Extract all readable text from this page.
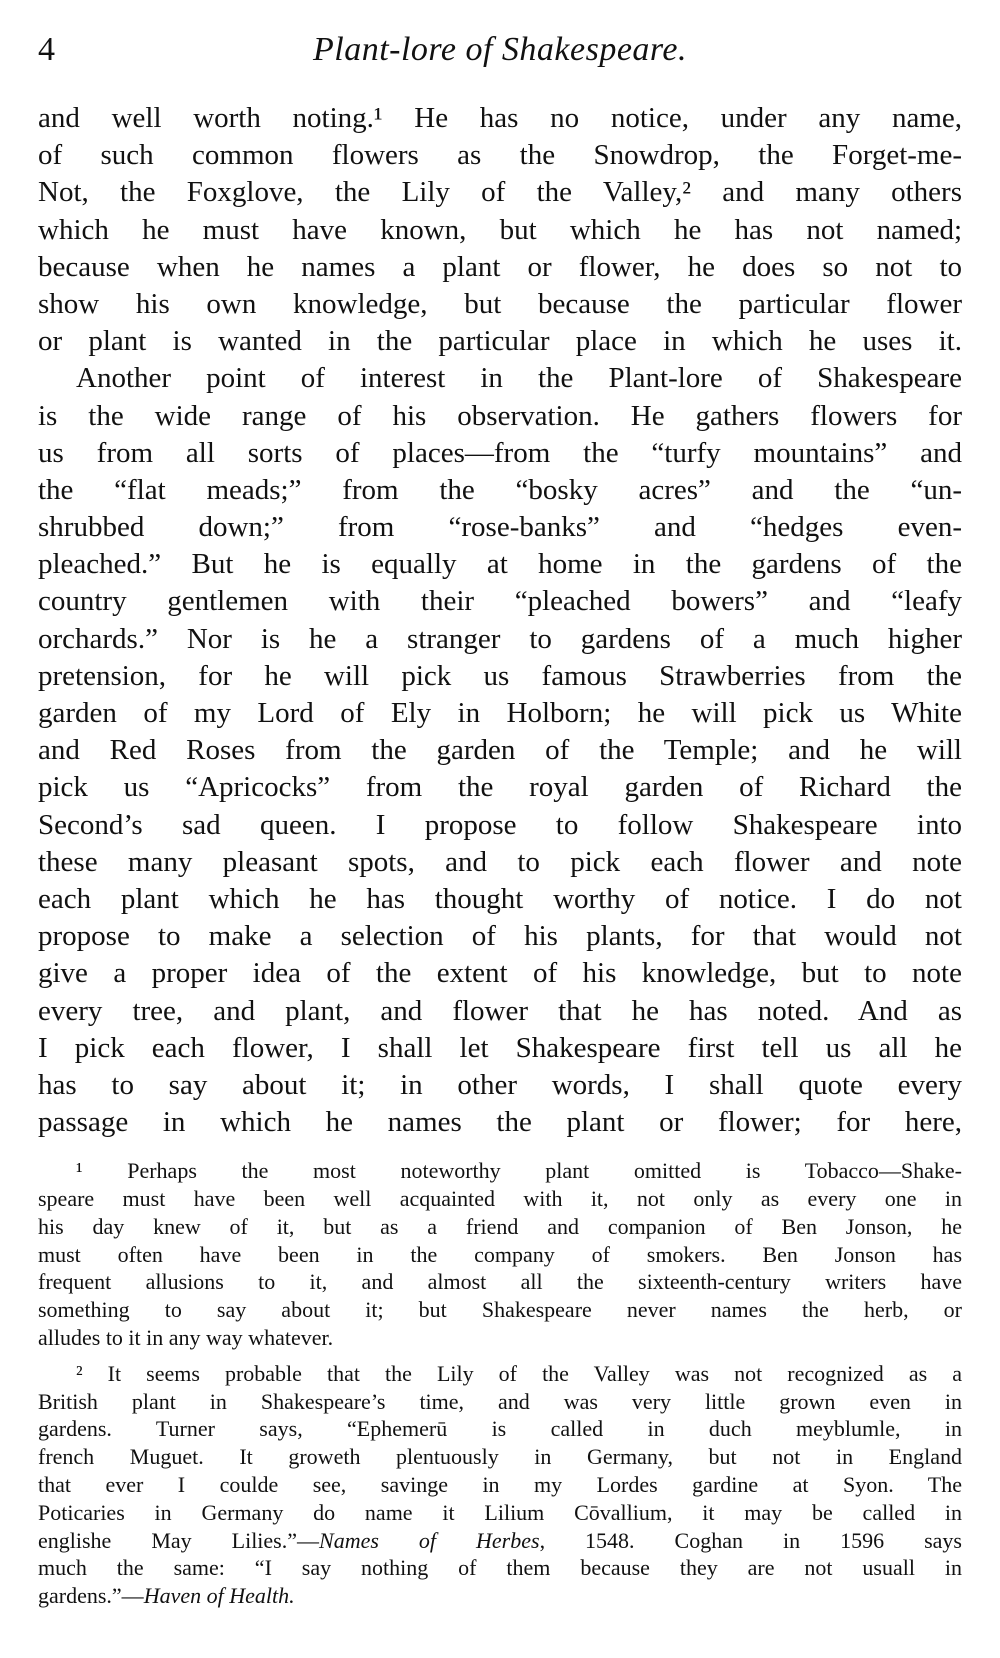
4	Plant-lore of Shakespeare.
and well worth noting.¹ He has no notice, under any name,
of such common flowers as the Snowdrop, the Forget-me-
Not, the Foxglove, the Lily of the Valley,² and many others
which he must have known, but which he has not named;
because when he names a plant or flower, he does so not to
show his own knowledge, but because the particular flower
or plant is wanted in the particular place in which he uses it.
Another point of interest in the Plant-lore of Shakespeare
is the wide range of his observation. He gathers flowers for
us from all sorts of places—from the “turfy mountains” and
the “flat meads;” from the “bosky acres” and the “un-
shrubbed down;” from “rose-banks” and “hedges even-
pleached.” But he is equally at home in the gardens of the
country gentlemen with their “pleached bowers” and “leafy
orchards.” Nor is he a stranger to gardens of a much higher
pretension, for he will pick us famous Strawberries from the
garden of my Lord of Ely in Holborn; he will pick us White
and Red Roses from the garden of the Temple; and he will
pick us “Apricocks” from the royal garden of Richard the
Second’s sad queen. I propose to follow Shakespeare into
these many pleasant spots, and to pick each flower and note
each plant which he has thought worthy of notice. I do not
propose to make a selection of his plants, for that would not
give a proper idea of the extent of his knowledge, but to note
every tree, and plant, and flower that he has noted. And as
I pick each flower, I shall let Shakespeare first tell us all he
has to say about it; in other words, I shall quote every
passage in which he names the plant or flower; for here,
¹ Perhaps the most noteworthy plant omitted is Tobacco—Shake-
speare must have been well acquainted with it, not only as every one in
his day knew of it, but as a friend and companion of Ben Jonson, he
must often have been in the company of smokers. Ben Jonson has
frequent allusions to it, and almost all the sixteenth-century writers have
something to say about it; but Shakespeare never names the herb, or
alludes to it in any way whatever.
² It seems probable that the Lily of the Valley was not recognized as a
British plant in Shakespeare’s time, and was very little grown even in
gardens. Turner says, “Ephemerū is called in duch meyblumle, in
french Muguet. It groweth plentuously in Germany, but not in England
that ever I coulde see, savinge in my Lordes gardine at Syon. The
Poticaries in Germany do name it Lilium Cōvallium, it may be called in
englishe May Lilies.”—Names of Herbes, 1548. Coghan in 1596 says
much the same: “I say nothing of them because they are not usuall in
gardens.”—Haven of Health.
